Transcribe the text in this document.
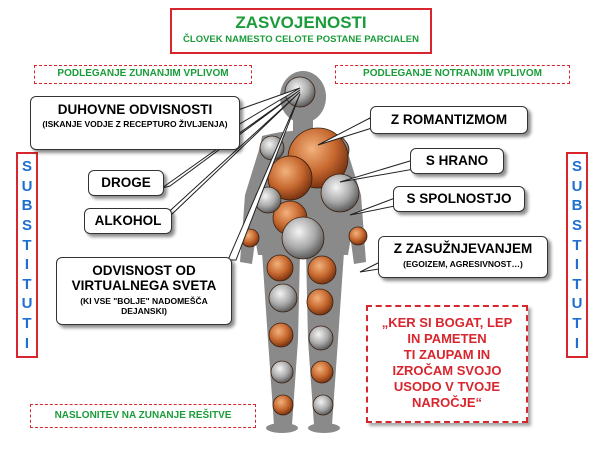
ZASVOJENOSTI
ČLOVEK NAMESTO CELOTE POSTANE PARCIALEN
PODLEGANJE ZUNANJIM VPLIVOM	PODLEGANJE NOTRANJIM VPLIVOM
S
U
B
S
T
I
T
U
T
I
S
U
B
S
T
I
T
U
T
I
DUHOVNE ODVISNOSTI
(ISKANJE VODJE Z RECEPTURO ŽIVLJENJA)
DROGE
ALKOHOL
ODVISNOST OD
VIRTUALNEGA SVETA
(KI VSE "BOLJE" NADOMEŠČA DEJANSKI)
Z ROMANTIZMOM
S HRANO
S SPOLNOSTJO
Z ZASUŽNJEVANJEM
(EGOIZEM, AGRESIVNOST…)
„KER SI BOGAT, LEP
IN PAMETEN
TI ZAUPAM IN
IZROČAM SVOJO
USODO V TVOJE
NAROČJE“
NASLONITEV NA ZUNANJE REŠITVE
